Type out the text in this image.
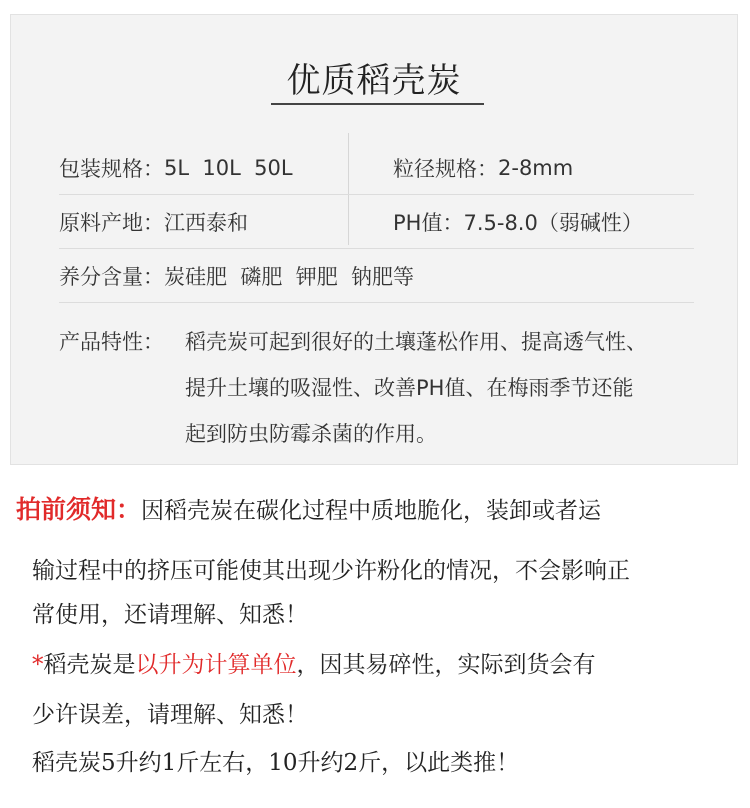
优质稻壳炭
包装规格： 5L  10L  50L	粒径规格： 2-8mm
原料产地： 江西泰和	PH值： 7.5-8.0（弱碱性）
养分含量： 炭硅肥  磷肥  钾肥  钠肥等
产品特性： 稻壳炭可起到很好的土壤蓬松作用、提高透气性、
提升土壤的吸湿性、改善PH值、在梅雨季节还能
起到防虫防霉杀菌的作用。
拍前须知：因稻壳炭在碳化过程中质地脆化，装卸或者运
输过程中的挤压可能使其出现少许粉化的情况，不会影响正
常使用，还请理解、知悉！
*稻壳炭是以升为计算单位，因其易碎性，实际到货会有
少许误差，请理解、知悉！
稻壳炭5升约1斤左右，10升约2斤，以此类推！
